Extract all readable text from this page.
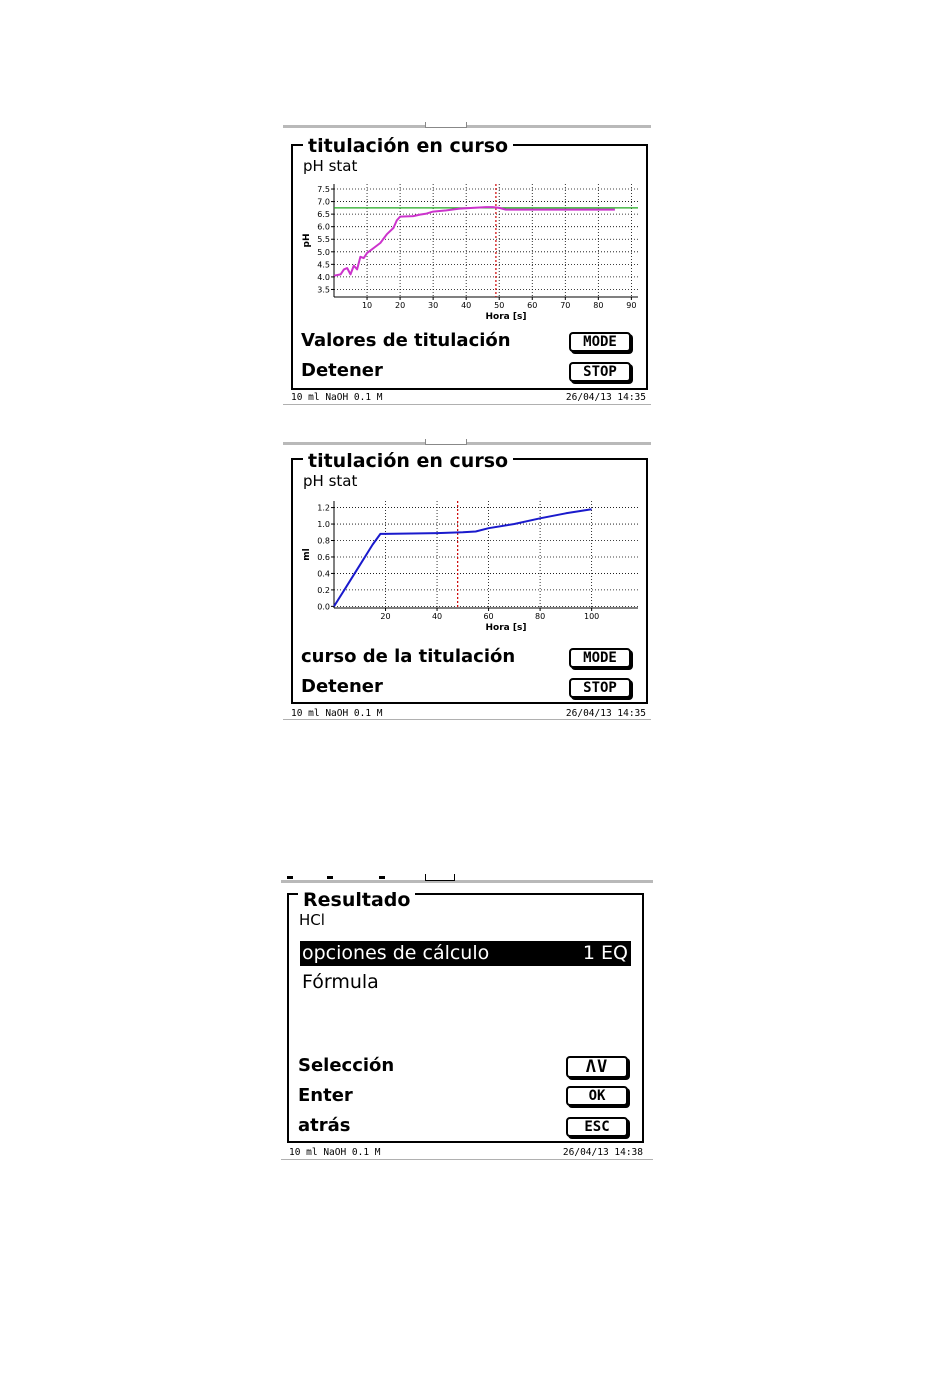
titulación en curso
pH stat
10	20	30	40	50	60	70	80	90
3.5
4.0
4.5
5.0
5.5
6.0
6.5
7.0
7.5
Hora [s]
pH
Valores de titulación	MODE
Detener	STOP
10 ml NaOH 0.1 M	26/04/13 14:35
titulación en curso
pH stat
20	40	60	80	100
0.0
0.2
0.4
0.6
0.8
1.0
1.2
Hora [s]
ml
curso de la titulación	MODE
Detener	STOP
10 ml NaOH 0.1 M	26/04/13 14:35
Resultado
HCl
opciones de cálculo	1 EQ
Fórmula
Selección	ΛV
Enter	OK
atrás	ESC
10 ml NaOH 0.1 M	26/04/13 14:38
